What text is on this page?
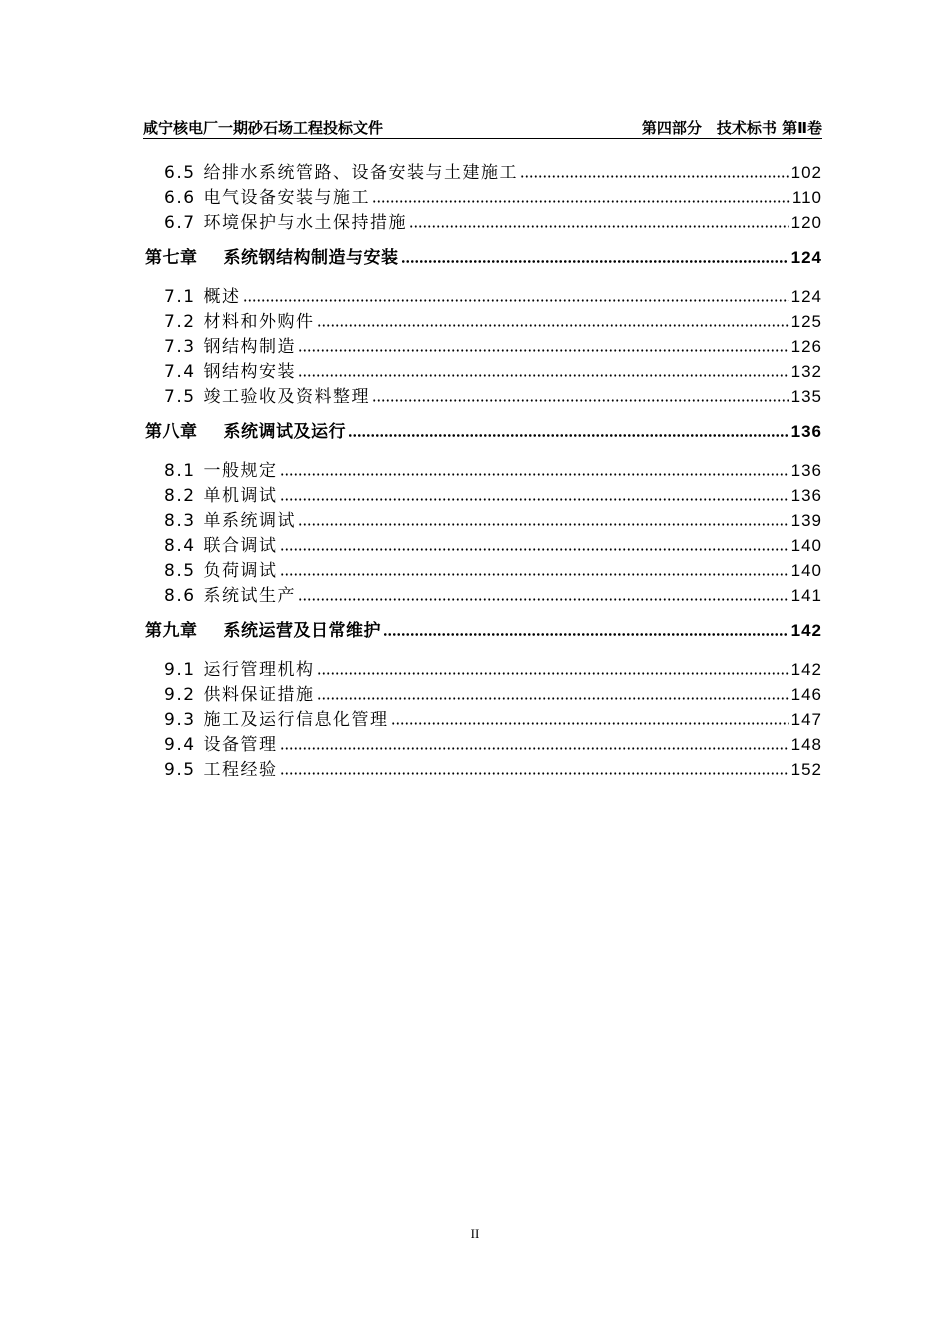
咸宁核电厂一期砂石场工程投标文件	第四部分　技术标书 第Ⅱ卷
6.5 给排水系统管路、设备安装与土建施工	102
6.6 电气设备安装与施工	110
6.7 环境保护与水土保持措施	120
第七章 系统钢结构制造与安装	124
7.1 概述	124
7.2 材料和外购件	125
7.3 钢结构制造	126
7.4 钢结构安装	132
7.5 竣工验收及资料整理	135
第八章 系统调试及运行	136
8.1 一般规定	136
8.2 单机调试	136
8.3 单系统调试	139
8.4 联合调试	140
8.5 负荷调试	140
8.6 系统试生产	141
第九章 系统运营及日常维护	142
9.1 运行管理机构	142
9.2 供料保证措施	146
9.3 施工及运行信息化管理	147
9.4 设备管理	148
9.5 工程经验	152
II
